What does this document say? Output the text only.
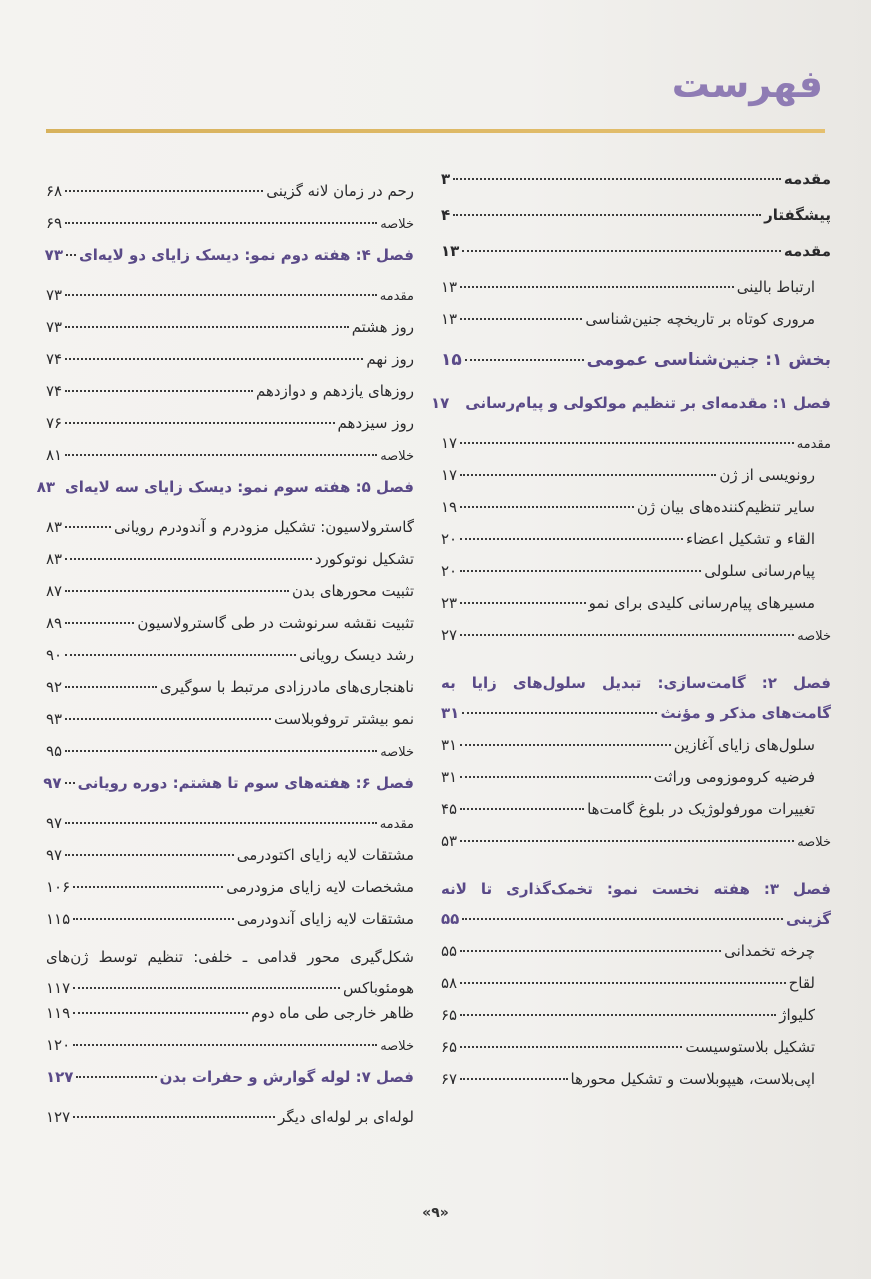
فهرست
مقدمه
۳
پیشگفتار
۴
مقدمه
۱۳
ارتباط بالینی
۱۳
مروری کوتاه بر تاریخچه جنین‌شناسی
۱۳
بخش ۱: جنین‌شناسی عمومی
۱۵
فصل ۱: مقدمه‌ای بر تنظیم مولکولی و پیام‌رسانی
۱۷
مقدمه
۱۷
رونویسی از ژن
۱۷
سایر تنظیم‌کننده‌های بیان ژن
۱۹
القاء و تشکیل اعضاء
۲۰
پیام‌رسانی سلولی
۲۰
مسیرهای پیام‌رسانی کلیدی برای نمو
۲۳
خلاصه
۲۷
فصل ۲: گامت‌سازی: تبدیل سلول‌های زایا به
گامت‌های مذکر و مؤنث
۳۱
سلول‌های زایای آغازین
۳۱
فرضیه کروموزومی وراثت
۳۱
تغییرات مورفولوژیک در بلوغ گامت‌ها
۴۵
خلاصه
۵۳
فصل ۳: هفته نخست نمو: تخمک‌گذاری تا لانه
گزینی
۵۵
چرخه تخمدانی
۵۵
لقاح
۵۸
کلیواژ
۶۵
تشکیل بلاستوسیست
۶۵
اپی‌بلاست، هیپوبلاست و تشکیل محورها
۶۷
رحم در زمان لانه گزینی
۶۸
خلاصه
۶۹
فصل ۴: هفته دوم نمو: دیسک زایای دو لایه‌ای
۷۳
مقدمه
۷۳
روز هشتم
۷۳
روز نهم
۷۴
روزهای یازدهم و دوازدهم
۷۴
روز سیزدهم
۷۶
خلاصه
۸۱
فصل ۵: هفته سوم نمو: دیسک زایای سه لایه‌ای
۸۳
گاسترولاسیون: تشکیل مزودرم و آندودرم رویانی
۸۳
تشکیل نوتوکورد
۸۳
تثبیت محورهای بدن
۸۷
تثبیت نقشه سرنوشت در طی گاسترولاسیون
۸۹
رشد دیسک رویانی
۹۰
ناهنجاری‌های مادرزادی مرتبط با سوگیری
۹۲
نمو بیشتر تروفوبلاست
۹۳
خلاصه
۹۵
فصل ۶: هفته‌های سوم تا هشتم: دوره رویانی
۹۷
مقدمه
۹۷
مشتقات لایه زایای اکتودرمی
۹۷
مشخصات لایه زایای مزودرمی
۱۰۶
مشتقات لایه زایای آندودرمی
۱۱۵
شکل‌گیری محور قدامی ـ خلفی: تنظیم توسط ژن‌های
هومئوباکس
۱۱۷
ظاهر خارجی طی ماه دوم
۱۱۹
خلاصه
۱۲۰
فصل ۷: لوله گوارش و حفرات بدن
۱۲۷
لوله‌ای بر لوله‌ای دیگر
۱۲۷
«۹»
